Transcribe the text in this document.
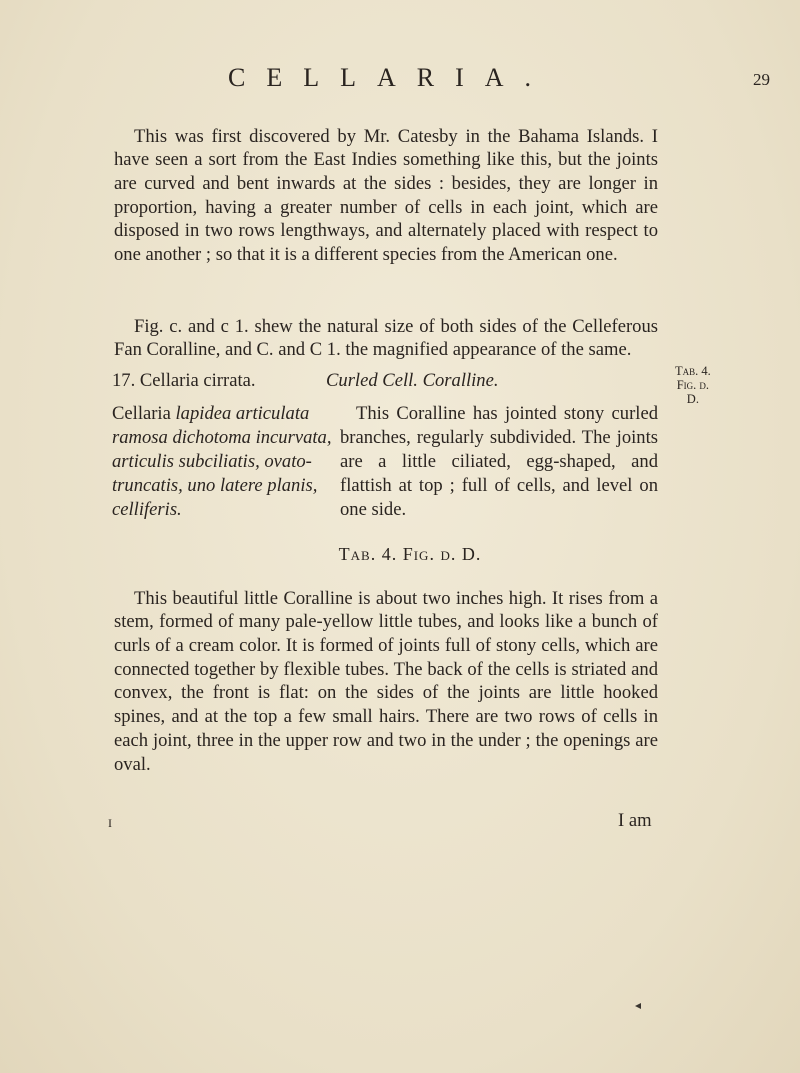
CELLARIA.	29

This was first discovered by Mr. Catesby in the Bahama Islands. I have seen a sort from the East Indies something like this, but the joints are curved and bent inwards at the sides : besides, they are longer in proportion, having a greater number of cells in each joint, which are disposed in two rows lengthways, and alternately placed with respect to one another ; so that it is a different species from the American one.

Fig. c. and c 1. shew the natural size of both sides of the Celleferous Fan Coralline, and C. and C 1. the magnified appearance of the same.

17. Cellaria cirrata.	Curled Cell. Coralline.	Tab. 4.
Fig. d.
D.
Cellaria lapidea articulata ramosa dichotoma incurvata, articulis subciliatis, ovato-truncatis, uno latere planis, celliferis.
This Coralline has jointed stony curled branches, regularly subdivided. The joints are a little ciliated, egg-shaped, and flattish at top ; full of cells, and level on one side.
Tab. 4. Fig. d. D.

This beautiful little Coralline is about two inches high. It rises from a stem, formed of many pale-yellow little tubes, and looks like a bunch of curls of a cream color. It is formed of joints full of stony cells, which are connected together by flexible tubes. The back of the cells is striated and convex, the front is flat: on the sides of the joints are little hooked spines, and at the top a few small hairs. There are two rows of cells in each joint, three in the upper row and two in the under ; the openings are oval.

I	I am
